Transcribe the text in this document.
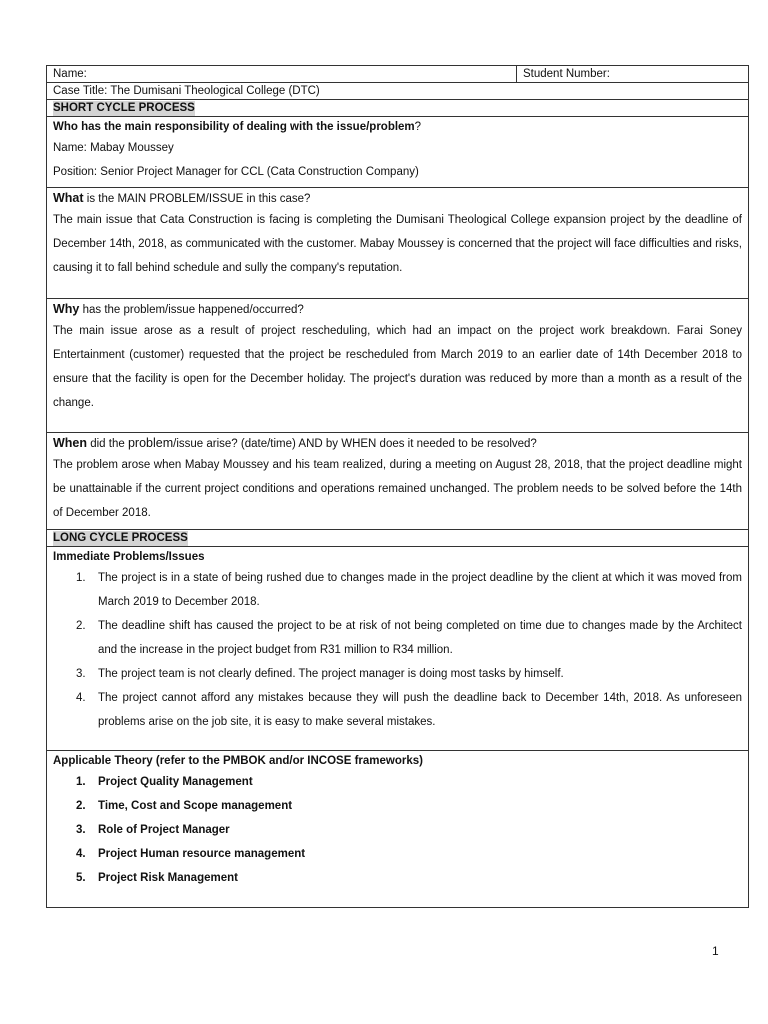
Name:	Student Number:
Case Title: The Dumisani Theological College (DTC)
SHORT CYCLE PROCESS

Who has the main responsibility of dealing with the issue/problem?
Name: Mabay Moussey
Position: Senior Project Manager for CCL (Cata Construction Company)

What is the MAIN PROBLEM/ISSUE in this case?

The main issue that Cata Construction is facing is completing the Dumisani Theological College expansion project by the deadline of December 14th, 2018, as communicated with the customer. Mabay Moussey is concerned that the project will face difficulties and risks, causing it to fall behind schedule and sully the company's reputation.

Why has the problem/issue happened/occurred?

The main issue arose as a result of project rescheduling, which had an impact on the project work breakdown. Farai Soney Entertainment (customer) requested that the project be rescheduled from March 2019 to an earlier date of 14th December 2018 to ensure that the facility is open for the December holiday. The project's duration was reduced by more than a month as a result of the change.

When did the problem/issue arise? (date/time) AND by WHEN does it needed to be resolved?

The problem arose when Mabay Moussey and his team realized, during a meeting on August 28, 2018, that the project deadline might be unattainable if the current project conditions and operations remained unchanged. The problem needs to be solved before the 14th of December 2018.

LONG CYCLE PROCESS

Immediate Problems/Issues
1. The project is in a state of being rushed due to changes made in the project deadline by the client at which it was moved from March 2019 to December 2018.
2. The deadline shift has caused the project to be at risk of not being completed on time due to changes made by the Architect and the increase in the project budget from R31 million to R34 million.
3. The project team is not clearly defined. The project manager is doing most tasks by himself.
4. The project cannot afford any mistakes because they will push the deadline back to December 14th, 2018. As unforeseen problems arise on the job site, it is easy to make several mistakes.

Applicable Theory (refer to the PMBOK and/or INCOSE frameworks)
1. Project Quality Management
2. Time, Cost and Scope management
3. Role of Project Manager
4. Project Human resource management
5. Project Risk Management
1
